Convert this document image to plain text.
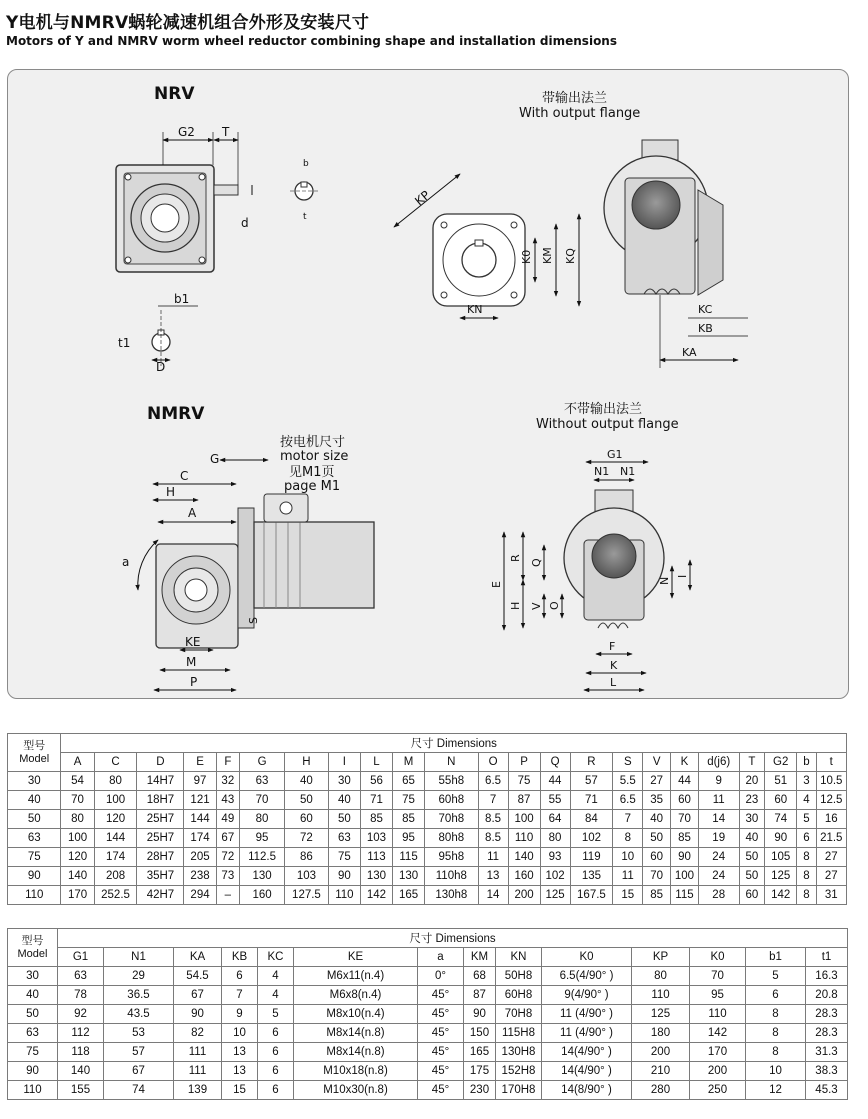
Y电机与NMRV蜗轮减速机组合外形及安装尺寸
Motors of Y and NMRV worm wheel reductor combining shape and installation dimensions
NRV
G2 T
d
b
t
b1
t1
D
带输出法兰
With output flange
KP
K0 KM KQ
KN	KC
KB
KA
NMRV
按电机尺寸
motor size
见M1页
page M1
G
C
H
A
a
S
KE
M
P
不带输出法兰
Without output flange
G1
N1 N1
E
R
H
Q
V O
N
I
F
K
L
型号
Model	尺寸 Dimensions																						
	A	C	D	E	F	G	H	I	L	M	N	O	P	Q	R	S	V	K	d(j6)	T	G2	b	t
30	54	80	14H7	97	32	63	40	30	56	65	55h8	6.5	75	44	57	5.5	27	44	9	20	51	3	10.5
40	70	100	18H7	121	43	70	50	40	71	75	60h8	7	87	55	71	6.5	35	60	11	23	60	4	12.5
50	80	120	25H7	144	49	80	60	50	85	85	70h8	8.5	100	64	84	7	40	70	14	30	74	5	16
63	100	144	25H7	174	67	95	72	63	103	95	80h8	8.5	110	80	102	8	50	85	19	40	90	6	21.5
75	120	174	28H7	205	72	112.5	86	75	113	115	95h8	11	140	93	119	10	60	90	24	50	105	8	27
90	140	208	35H7	238	73	130	103	90	130	130	110h8	13	160	102	135	11	70	100	24	50	125	8	27
110	170	252.5	42H7	294	–	160	127.5	110	142	165	130h8	14	200	125	167.5	15	85	115	28	60	142	8	31
型号
Model	尺寸 Dimensions													
	G1	N1	KA	KB	KC	KE	a	KM	KN	K0	KP	K0	b1	t1
30	63	29	54.5	6	4	M6x11(n.4)	0°	68	50H8	6.5(4/90° )	80	70	5	16.3
40	78	36.5	67	7	4	M6x8(n.4)	45°	87	60H8	9(4/90° )	110	95	6	20.8
50	92	43.5	90	9	5	M8x10(n.4)	45°	90	70H8	11 (4/90° )	125	110	8	28.3
63	112	53	82	10	6	M8x14(n.8)	45°	150	115H8	11 (4/90° )	180	142	8	28.3
75	118	57	111	13	6	M8x14(n.8)	45°	165	130H8	14(4/90° )	200	170	8	31.3
90	140	67	111	13	6	M10x18(n.8)	45°	175	152H8	14(4/90° )	210	200	10	38.3
110	155	74	139	15	6	M10x30(n.8)	45°	230	170H8	14(8/90° )	280	250	12	45.3
